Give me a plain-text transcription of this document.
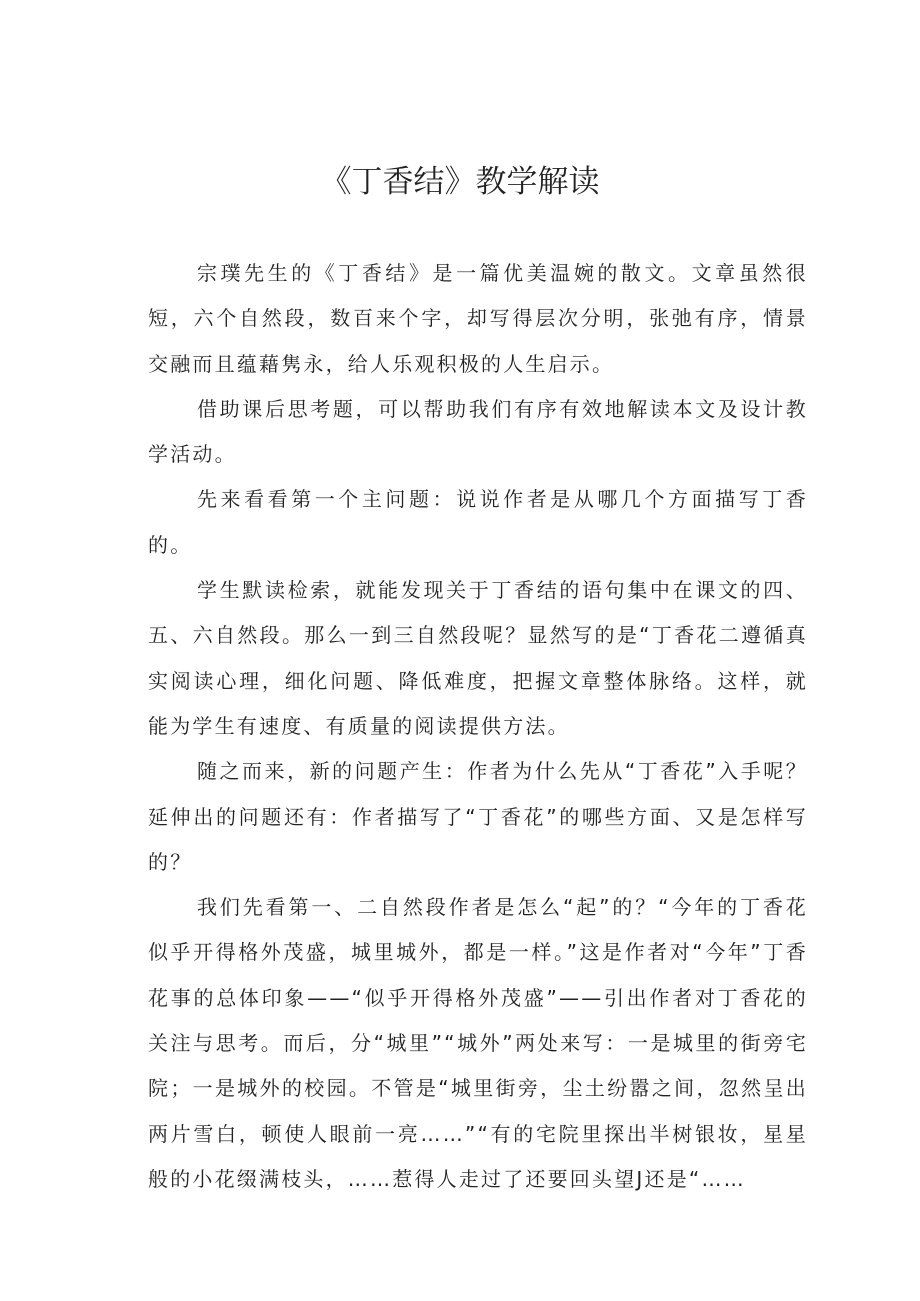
《丁香结》教学解读

宗璞先生的《丁香结》是一篇优美温婉的散文。文章虽然很短，六个自然段，数百来个字，却写得层次分明，张弛有序，情景交融而且蕴藉隽永，给人乐观积极的人生启示。

借助课后思考题，可以帮助我们有序有效地解读本文及设计教学活动。

先来看看第一个主问题：说说作者是从哪几个方面描写丁香的。

学生默读检索，就能发现关于丁香结的语句集中在课文的四、五、六自然段。那么一到三自然段呢？显然写的是“丁香花二遵循真实阅读心理，细化问题、降低难度，把握文章整体脉络。这样，就能为学生有速度、有质量的阅读提供方法。

随之而来，新的问题产生：作者为什么先从“丁香花”入手呢？延伸出的问题还有：作者描写了“丁香花”的哪些方面、又是怎样写的？

我们先看第一、二自然段作者是怎么“起”的？“今年的丁香花似乎开得格外茂盛，城里城外，都是一样。”这是作者对“今年”丁香花事的总体印象——“似乎开得格外茂盛”——引出作者对丁香花的关注与思考。而后，分“城里”“城外”两处来写：一是城里的街旁宅院；一是城外的校园。不管是“城里街旁，尘土纷嚣之间，忽然呈出两片雪白，顿使人眼前一亮……”“有的宅院里探出半树银妆，星星般的小花缀满枝头，……惹得人走过了还要回头望J还是“……
